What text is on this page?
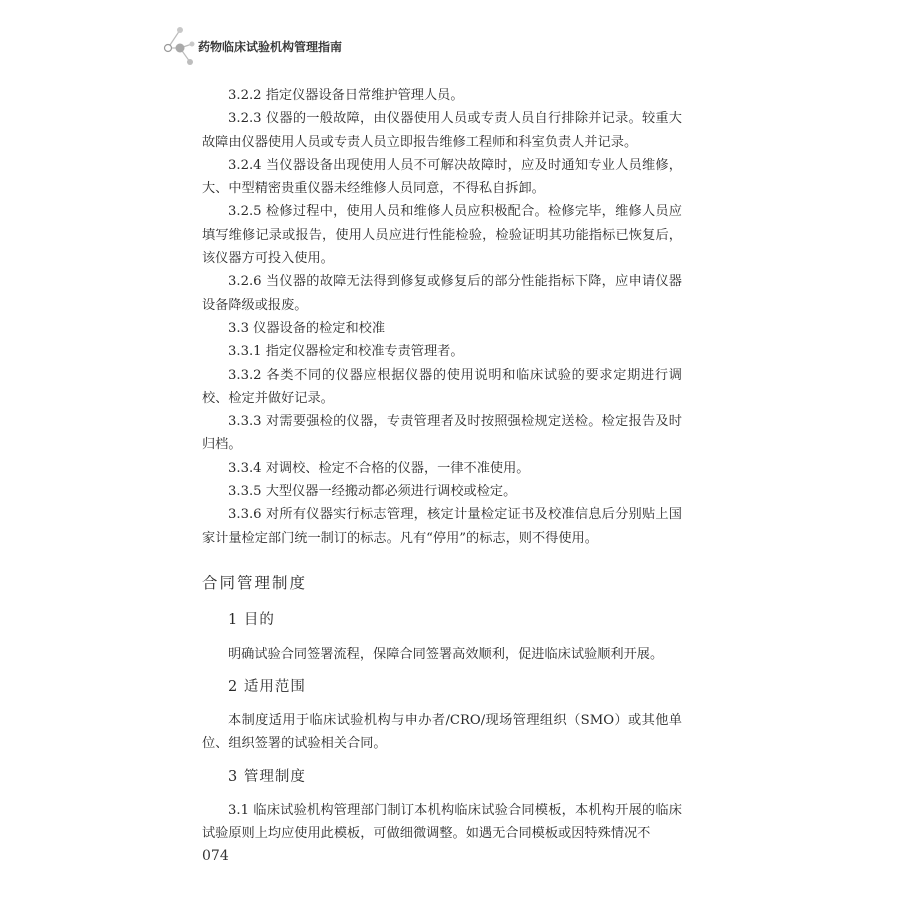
药物临床试验机构管理指南

3.2.2 指定仪器设备日常维护管理人员。

3.2.3 仪器的一般故障，由仪器使用人员或专责人员自行排除并记录。较重大故障由仪器使用人员或专责人员立即报告维修工程师和科室负责人并记录。

3.2.4 当仪器设备出现使用人员不可解决故障时，应及时通知专业人员维修，大、中型精密贵重仪器未经维修人员同意，不得私自拆卸。

3.2.5 检修过程中，使用人员和维修人员应积极配合。检修完毕，维修人员应填写维修记录或报告，使用人员应进行性能检验，检验证明其功能指标已恢复后，该仪器方可投入使用。

3.2.6 当仪器的故障无法得到修复或修复后的部分性能指标下降，应申请仪器设备降级或报废。

3.3 仪器设备的检定和校准

3.3.1 指定仪器检定和校准专责管理者。

3.3.2 各类不同的仪器应根据仪器的使用说明和临床试验的要求定期进行调校、检定并做好记录。

3.3.3 对需要强检的仪器，专责管理者及时按照强检规定送检。检定报告及时归档。

3.3.4 对调校、检定不合格的仪器，一律不准使用。

3.3.5 大型仪器一经搬动都必须进行调校或检定。

3.3.6 对所有仪器实行标志管理，核定计量检定证书及校准信息后分别贴上国家计量检定部门统一制订的标志。凡有“停用”的标志，则不得使用。

合同管理制度

1 目的

明确试验合同签署流程，保障合同签署高效顺利，促进临床试验顺利开展。

2 适用范围

本制度适用于临床试验机构与申办者/CRO/现场管理组织（SMO）或其他单位、组织签署的试验相关合同。

3 管理制度

3.1 临床试验机构管理部门制订本机构临床试验合同模板，本机构开展的临床试验原则上均应使用此模板，可做细微调整。如遇无合同模板或因特殊情况不

074
